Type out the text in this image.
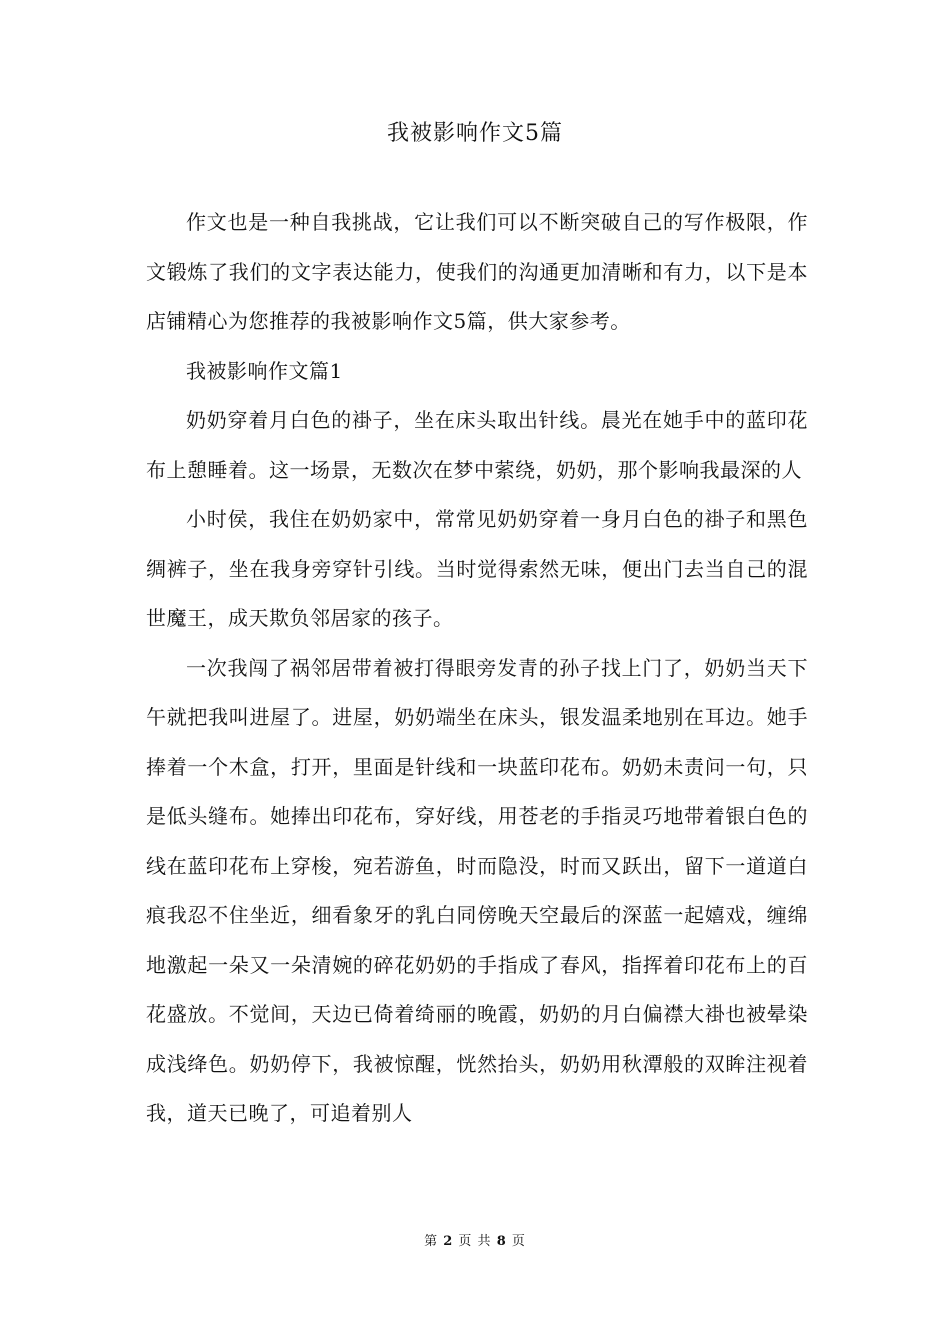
我被影响作文5篇

作文也是一种自我挑战，它让我们可以不断突破自己的写作极限，作文锻炼了我们的文字表达能力，使我们的沟通更加清晰和有力，以下是本店铺精心为您推荐的我被影响作文5篇，供大家参考。

我被影响作文篇1

奶奶穿着月白色的褂子，坐在床头取出针线。晨光在她手中的蓝印花布上憩睡着。这一场景，无数次在梦中萦绕，奶奶，那个影响我最深的人

小时侯，我住在奶奶家中，常常见奶奶穿着一身月白色的褂子和黑色绸裤子，坐在我身旁穿针引线。当时觉得索然无味，便出门去当自己的混世魔王，成天欺负邻居家的孩子。

一次我闯了祸邻居带着被打得眼旁发青的孙子找上门了，奶奶当天下午就把我叫进屋了。进屋，奶奶端坐在床头，银发温柔地别在耳边。她手捧着一个木盒，打开，里面是针线和一块蓝印花布。奶奶未责问一句，只是低头缝布。她捧出印花布，穿好线，用苍老的手指灵巧地带着银白色的线在蓝印花布上穿梭，宛若游鱼，时而隐没，时而又跃出，留下一道道白痕我忍不住坐近，细看象牙的乳白同傍晚天空最后的深蓝一起嬉戏，缠绵地激起一朵又一朵清婉的碎花奶奶的手指成了春风，指挥着印花布上的百花盛放。不觉间，天边已倚着绮丽的晚霞，奶奶的月白偏襟大褂也被晕染成浅绛色。奶奶停下，我被惊醒，恍然抬头，奶奶用秋潭般的双眸注视着我，道天已晚了，可追着别人

第 2 页 共 8 页
